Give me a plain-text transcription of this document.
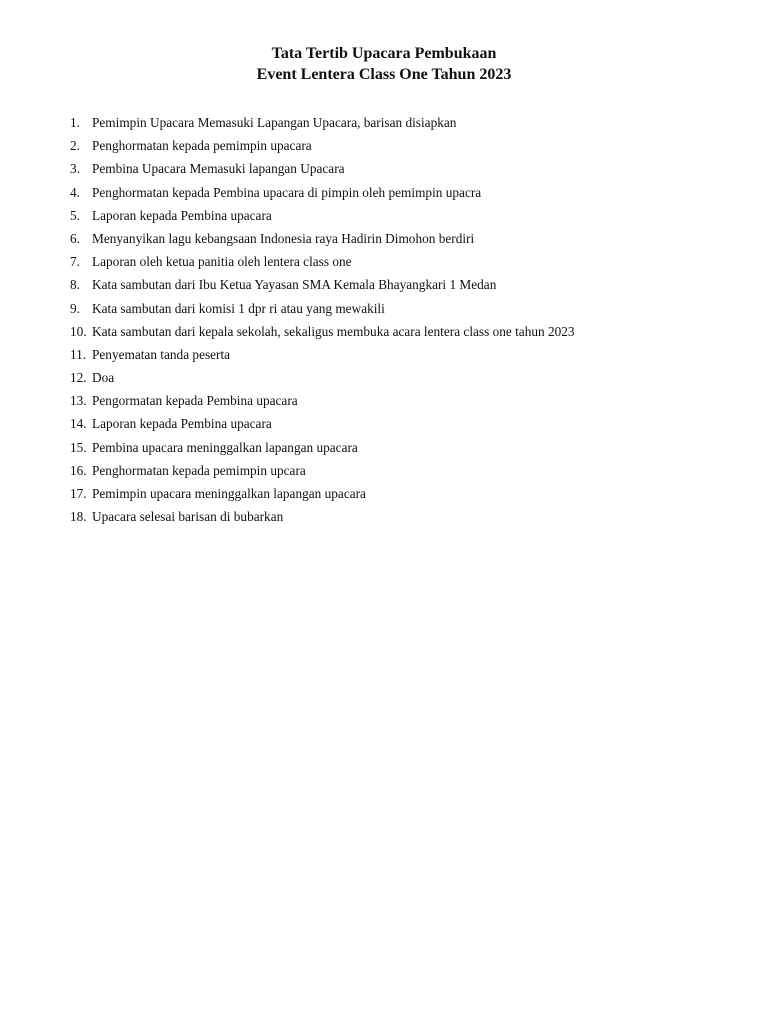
Tata Tertib Upacara Pembukaan
Event Lentera Class One Tahun 2023
1. Pemimpin Upacara Memasuki Lapangan Upacara, barisan disiapkan
2. Penghormatan kepada pemimpin upacara
3. Pembina Upacara Memasuki lapangan Upacara
4. Penghormatan kepada Pembina upacara di pimpin oleh pemimpin upacra
5. Laporan kepada Pembina upacara
6. Menyanyikan lagu kebangsaan Indonesia raya Hadirin Dimohon berdiri
7. Laporan oleh ketua panitia oleh lentera class one
8. Kata sambutan dari Ibu Ketua Yayasan SMA Kemala Bhayangkari 1 Medan
9. Kata sambutan dari komisi 1 dpr ri atau yang mewakili
10. Kata sambutan dari kepala sekolah, sekaligus membuka acara lentera class one tahun 2023
11. Penyematan tanda peserta
12. Doa
13. Pengormatan kepada Pembina upacara
14. Laporan kepada Pembina upacara
15. Pembina upacara meninggalkan lapangan upacara
16. Penghormatan kepada pemimpin upcara
17. Pemimpin upacara meninggalkan lapangan upacara
18. Upacara selesai barisan di bubarkan
